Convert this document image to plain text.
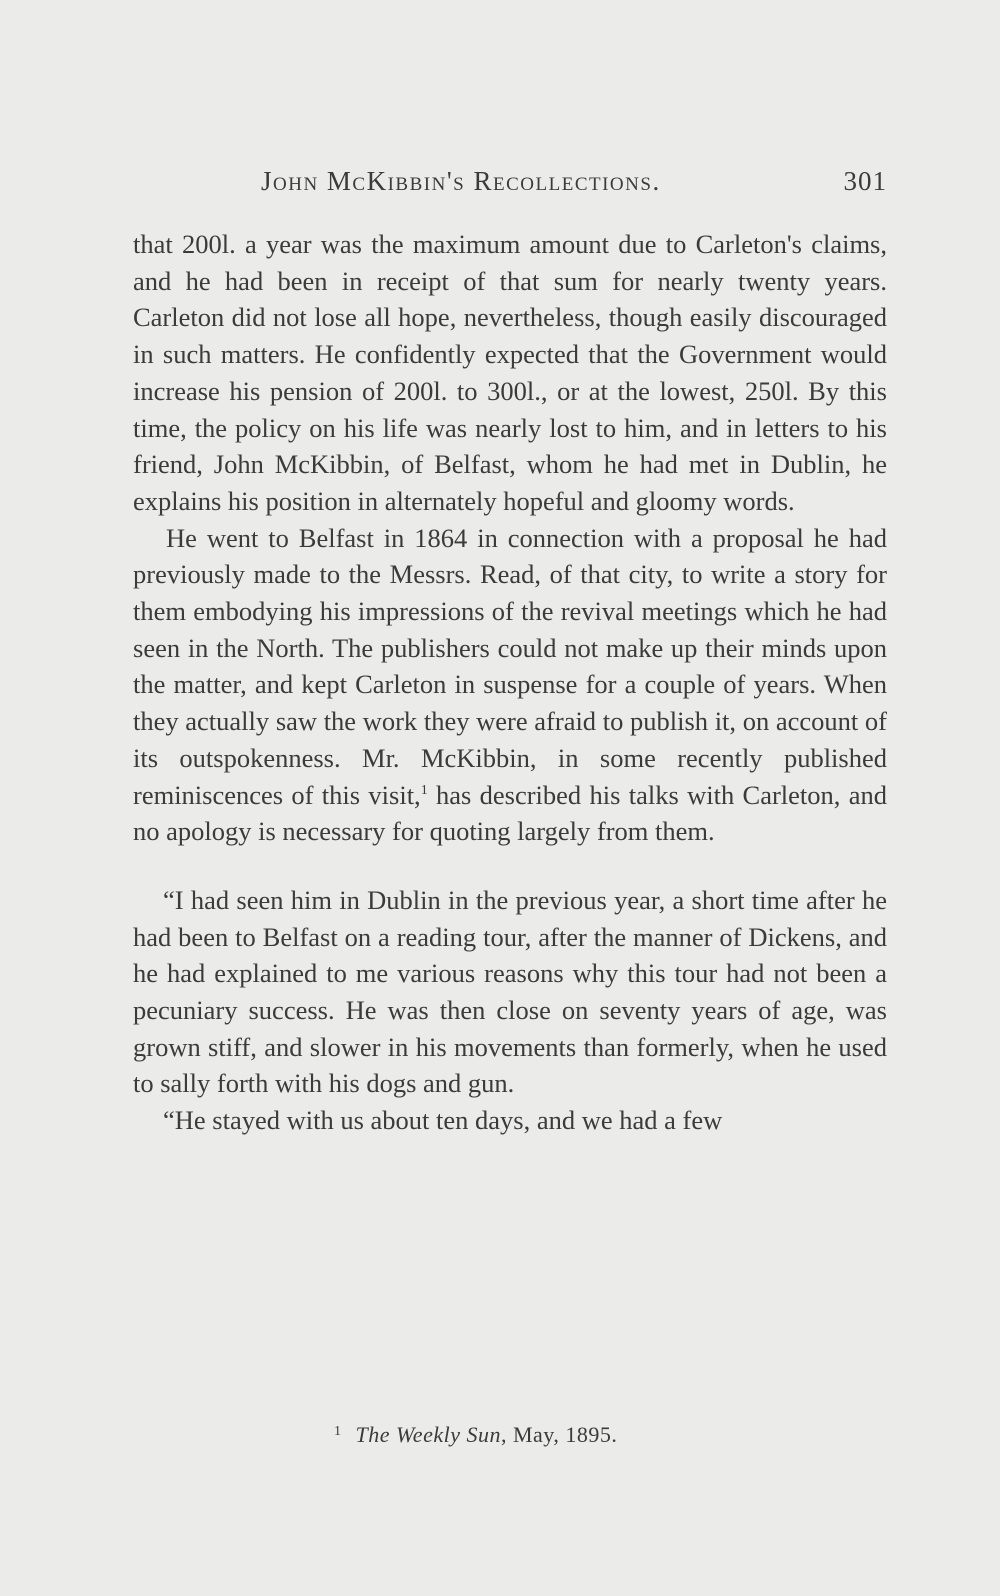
John McKibbin's Recollections.	301

that 200l. a year was the maximum amount due to Carleton's claims, and he had been in receipt of that sum for nearly twenty years. Carleton did not lose all hope, nevertheless, though easily discouraged in such matters. He confidently expected that the Government would increase his pension of 200l. to 300l., or at the lowest, 250l. By this time, the policy on his life was nearly lost to him, and in letters to his friend, John McKibbin, of Belfast, whom he had met in Dublin, he explains his position in alternately hopeful and gloomy words.

He went to Belfast in 1864 in connection with a proposal he had previously made to the Messrs. Read, of that city, to write a story for them embodying his impressions of the revival meetings which he had seen in the North. The publishers could not make up their minds upon the matter, and kept Carleton in suspense for a couple of years. When they actually saw the work they were afraid to publish it, on account of its outspokenness. Mr. McKibbin, in some recently published reminiscences of this visit,$^1$ has described his talks with Carleton, and no apology is necessary for quoting largely from them.

“I had seen him in Dublin in the previous year, a short time after he had been to Belfast on a reading tour, after the manner of Dickens, and he had explained to me various reasons why this tour had not been a pecuniary success. He was then close on seventy years of age, was grown stiff, and slower in his movements than formerly, when he used to sally forth with his dogs and gun.

“He stayed with us about ten days, and we had a few

$^1$ The Weekly Sun, May, 1895.
